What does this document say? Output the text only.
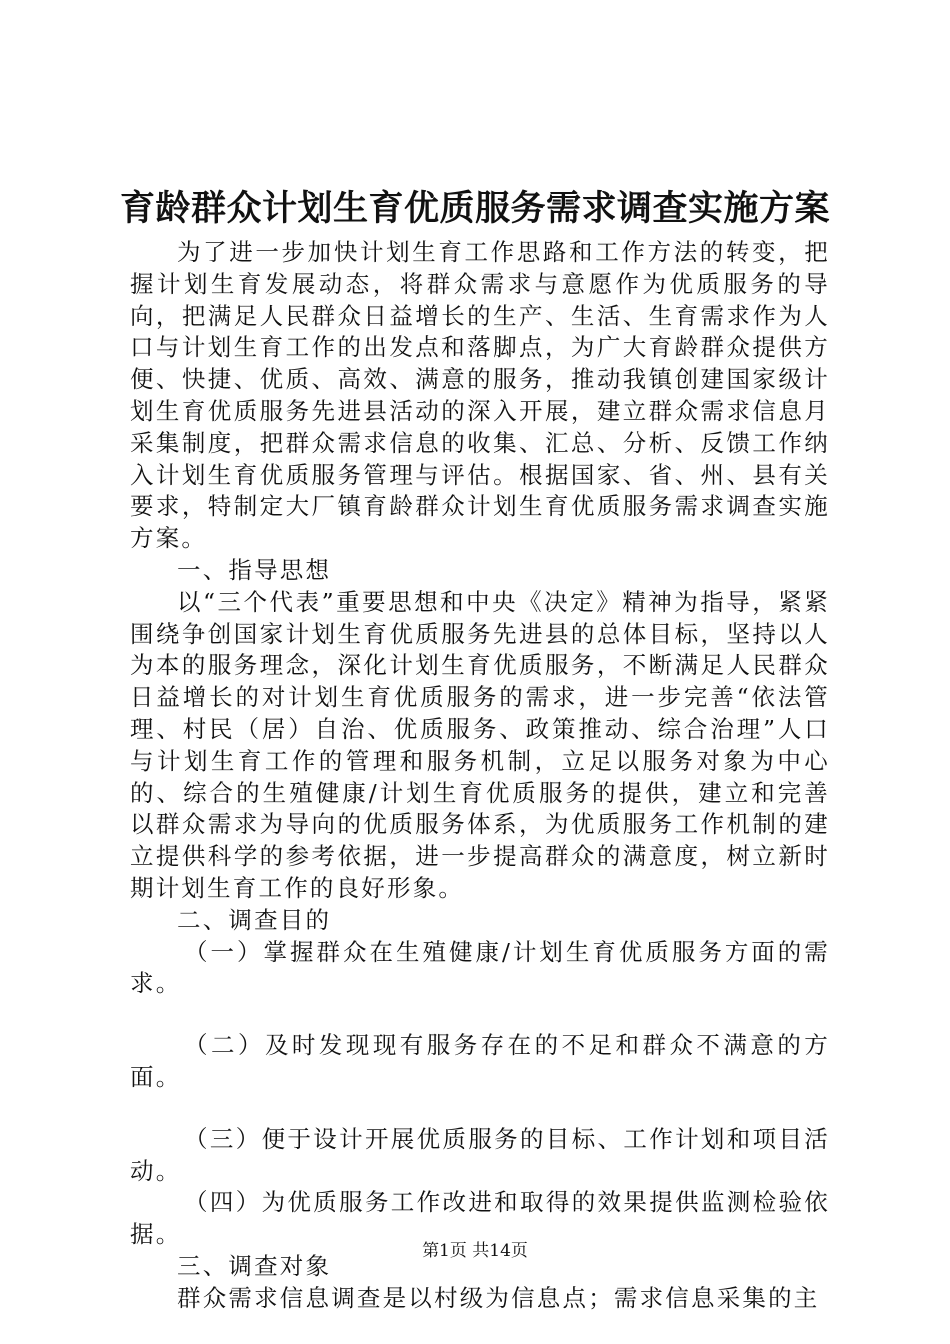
育龄群众计划生育优质服务需求调查实施方案

为了进一步加快计划生育工作思路和工作方法的转变，把握计划生育发展动态，将群众需求与意愿作为优质服务的导向，把满足人民群众日益增长的生产、生活、生育需求作为人口与计划生育工作的出发点和落脚点，为广大育龄群众提供方便、快捷、优质、高效、满意的服务，推动我镇创建国家级计划生育优质服务先进县活动的深入开展，建立群众需求信息月采集制度，把群众需求信息的收集、汇总、分析、反馈工作纳入计划生育优质服务管理与评估。根据国家、省、州、县有关要求，特制定大厂镇育龄群众计划生育优质服务需求调查实施方案。

一、指导思想

以“三个代表”重要思想和中央《决定》精神为指导，紧紧围绕争创国家计划生育优质服务先进县的总体目标，坚持以人为本的服务理念，深化计划生育优质服务，不断满足人民群众日益增长的对计划生育优质服务的需求，进一步完善“依法管理、村民（居）自治、优质服务、政策推动、综合治理”人口与计划生育工作的管理和服务机制，立足以服务对象为中心的、综合的生殖健康/计划生育优质服务的提供，建立和完善以群众需求为导向的优质服务体系，为优质服务工作机制的建立提供科学的参考依据，进一步提高群众的满意度，树立新时期计划生育工作的良好形象。

二、调查目的

（一）掌握群众在生殖健康/计划生育优质服务方面的需求。

（二）及时发现现有服务存在的不足和群众不满意的方面。

（三）便于设计开展优质服务的目标、工作计划和项目活动。

（四）为优质服务工作改进和取得的效果提供监测检验依据。

三、调查对象

群众需求信息调查是以村级为信息点；需求信息采集的主

第1页 共14页
